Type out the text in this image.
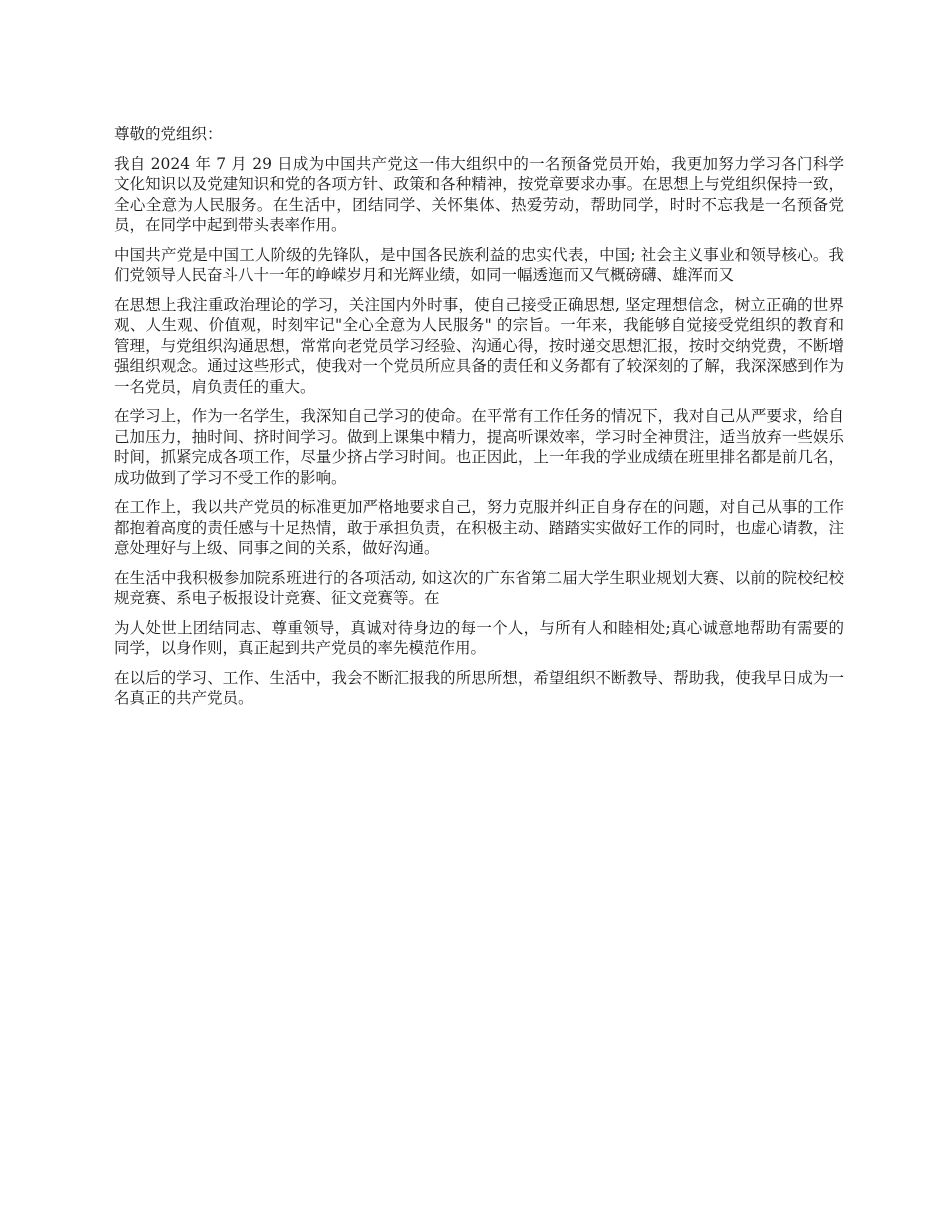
尊敬的党组织：

我自 2024 年 7 月 29 日成为中国共产党这一伟大组织中的一名预备党员开始，我更加努力学习各门科学文化知识以及党建知识和党的各项方针、政策和各种精神，按党章要求办事。在思想上与党组织保持一致，全心全意为人民服务。在生活中，团结同学、关怀集体、热爱劳动，帮助同学，时时不忘我是一名预备党员，在同学中起到带头表率作用。

中国共产党是中国工人阶级的先锋队，是中国各民族利益的忠实代表，中国; 社会主义事业和领导核心。我们党领导人民奋斗八十一年的峥嵘岁月和光辉业绩，如同一幅透迤而又气概磅礴、雄浑而又

在思想上我注重政治理论的学习，关注国内外时事，使自己接受正确思想, 坚定理想信念，树立正确的世界观、人生观、价值观，时刻牢记"全心全意为人民服务" 的宗旨。一年来，我能够自觉接受党组织的教育和管理，与党组织沟通思想，常常向老党员学习经验、沟通心得，按时递交思想汇报，按时交纳党费，不断增强组织观念。通过这些形式，使我对一个党员所应具备的责任和义务都有了较深刻的了解，我深深感到作为一名党员，肩负责任的重大。

在学习上，作为一名学生，我深知自己学习的使命。在平常有工作任务的情况下，我对自己从严要求，给自己加压力，抽时间、挤时间学习。做到上课集中精力，提高听课效率，学习时全神贯注，适当放弃一些娱乐时间，抓紧完成各项工作，尽量少挤占学习时间。也正因此，上一年我的学业成绩在班里排名都是前几名，成功做到了学习不受工作的影响。

在工作上，我以共产党员的标准更加严格地要求自己，努力克服并纠正自身存在的问题，对自己从事的工作都抱着高度的责任感与十足热情，敢于承担负责，在积极主动、踏踏实实做好工作的同时，也虚心请教，注意处理好与上级、同事之间的关系，做好沟通。

在生活中我积极参加院系班进行的各项活动, 如这次的广东省第二届大学生职业规划大赛、以前的院校纪校规竞赛、系电子板报设计竞赛、征文竞赛等。在

为人处世上团结同志、尊重领导，真诚对待身边的每一个人，与所有人和睦相处;真心诚意地帮助有需要的同学，以身作则，真正起到共产党员的率先模范作用。

在以后的学习、工作、生活中，我会不断汇报我的所思所想，希望组织不断教导、帮助我，使我早日成为一名真正的共产党员。
